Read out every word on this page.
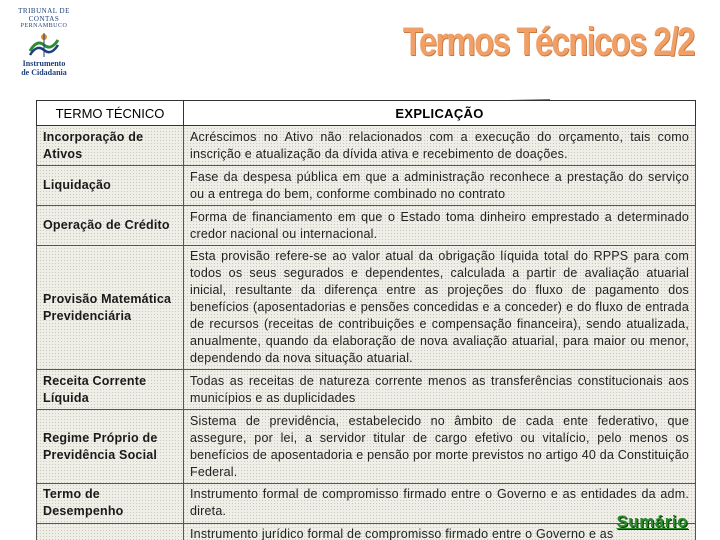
TRIBUNAL DE CONTAS
PERNAMBUCO
Instrumento
de Cidadania
Termos Técnicos 2/2
TERMO TÉCNICO	EXPLICAÇÃO
Incorporação de Ativos	Acréscimos no Ativo não relacionados com a execução do orçamento, tais como inscrição e atualização da dívida ativa e recebimento de doações.
Liquidação	Fase da despesa pública em que a administração reconhece a prestação do serviço ou a entrega do bem, conforme combinado no contrato
Operação de Crédito	Forma de financiamento em que o Estado toma dinheiro emprestado a determinado credor nacional ou internacional.
Provisão Matemática Previdenciária	Esta provisão refere-se ao valor atual da obrigação líquida total do RPPS para com todos os seus segurados e dependentes, calculada a partir de avaliação atuarial inicial, resultante da diferença entre as projeções do fluxo de pagamento dos benefícios (aposentadorias e pensões concedidas e a conceder) e do fluxo de entrada de recursos (receitas de contribuições e compensação financeira), sendo atualizada, anualmente, quando da elaboração de nova avaliação atuarial, para maior ou menor, dependendo da nova situação atuarial.
Receita Corrente Líquida	Todas as receitas de natureza corrente menos as transferências constitucionais aos municípios e as duplicidades
Regime Próprio de Previdência Social	Sistema de previdência, estabelecido no âmbito de cada ente federativo, que assegure, por lei, a servidor titular de cargo efetivo ou vitalício, pelo menos os benefícios de aposentadoria e pensão por morte previstos no artigo 40 da Constituição Federal.
Termo de Desempenho	Instrumento formal de compromisso firmado entre o Governo e as entidades da adm. direta.
	Instrumento jurídico formal de compromisso firmado entre o Governo e as
Sumário
